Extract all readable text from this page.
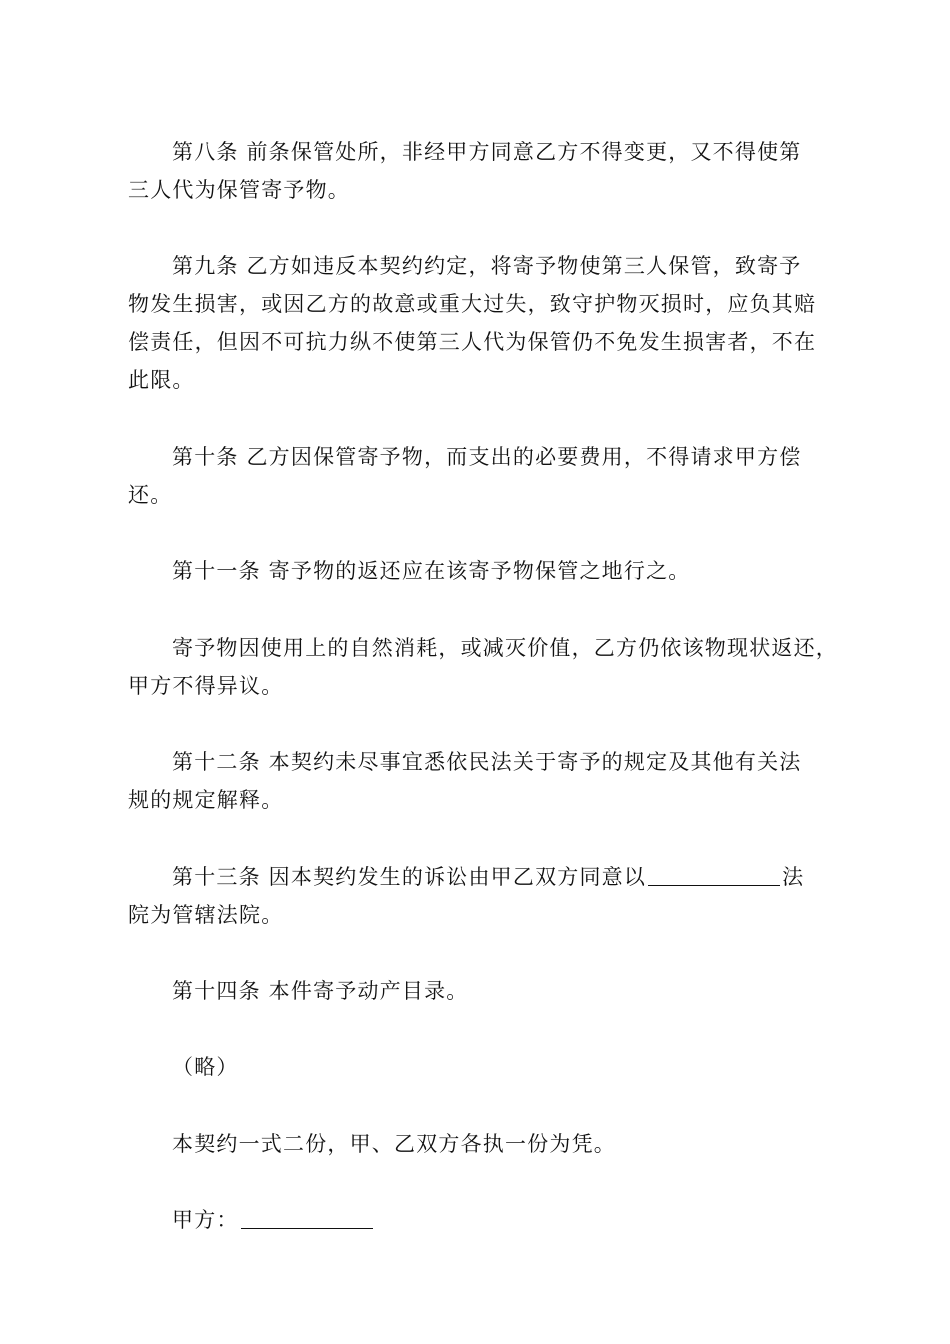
第八条 前条保管处所，非经甲方同意乙方不得变更，又不得使第
三人代为保管寄予物。
第九条 乙方如违反本契约约定，将寄予物使第三人保管，致寄予
物发生损害，或因乙方的故意或重大过失，致守护物灭损时，应负其赔
偿责任，但因不可抗力纵不使第三人代为保管仍不免发生损害者，不在
此限。
第十条 乙方因保管寄予物，而支出的必要费用，不得请求甲方偿
还。
第十一条 寄予物的返还应在该寄予物保管之地行之。
寄予物因使用上的自然消耗，或减灭价值，乙方仍依该物现状返还，
甲方不得异议。
第十二条 本契约未尽事宜悉依民法关于寄予的规定及其他有关法
规的规定解释。
第十三条 因本契约发生的诉讼由甲乙双方同意以	法
院为管辖法院。
第十四条 本件寄予动产目录。
（略）
本契约一式二份，甲、乙双方各执一份为凭。
甲方：
